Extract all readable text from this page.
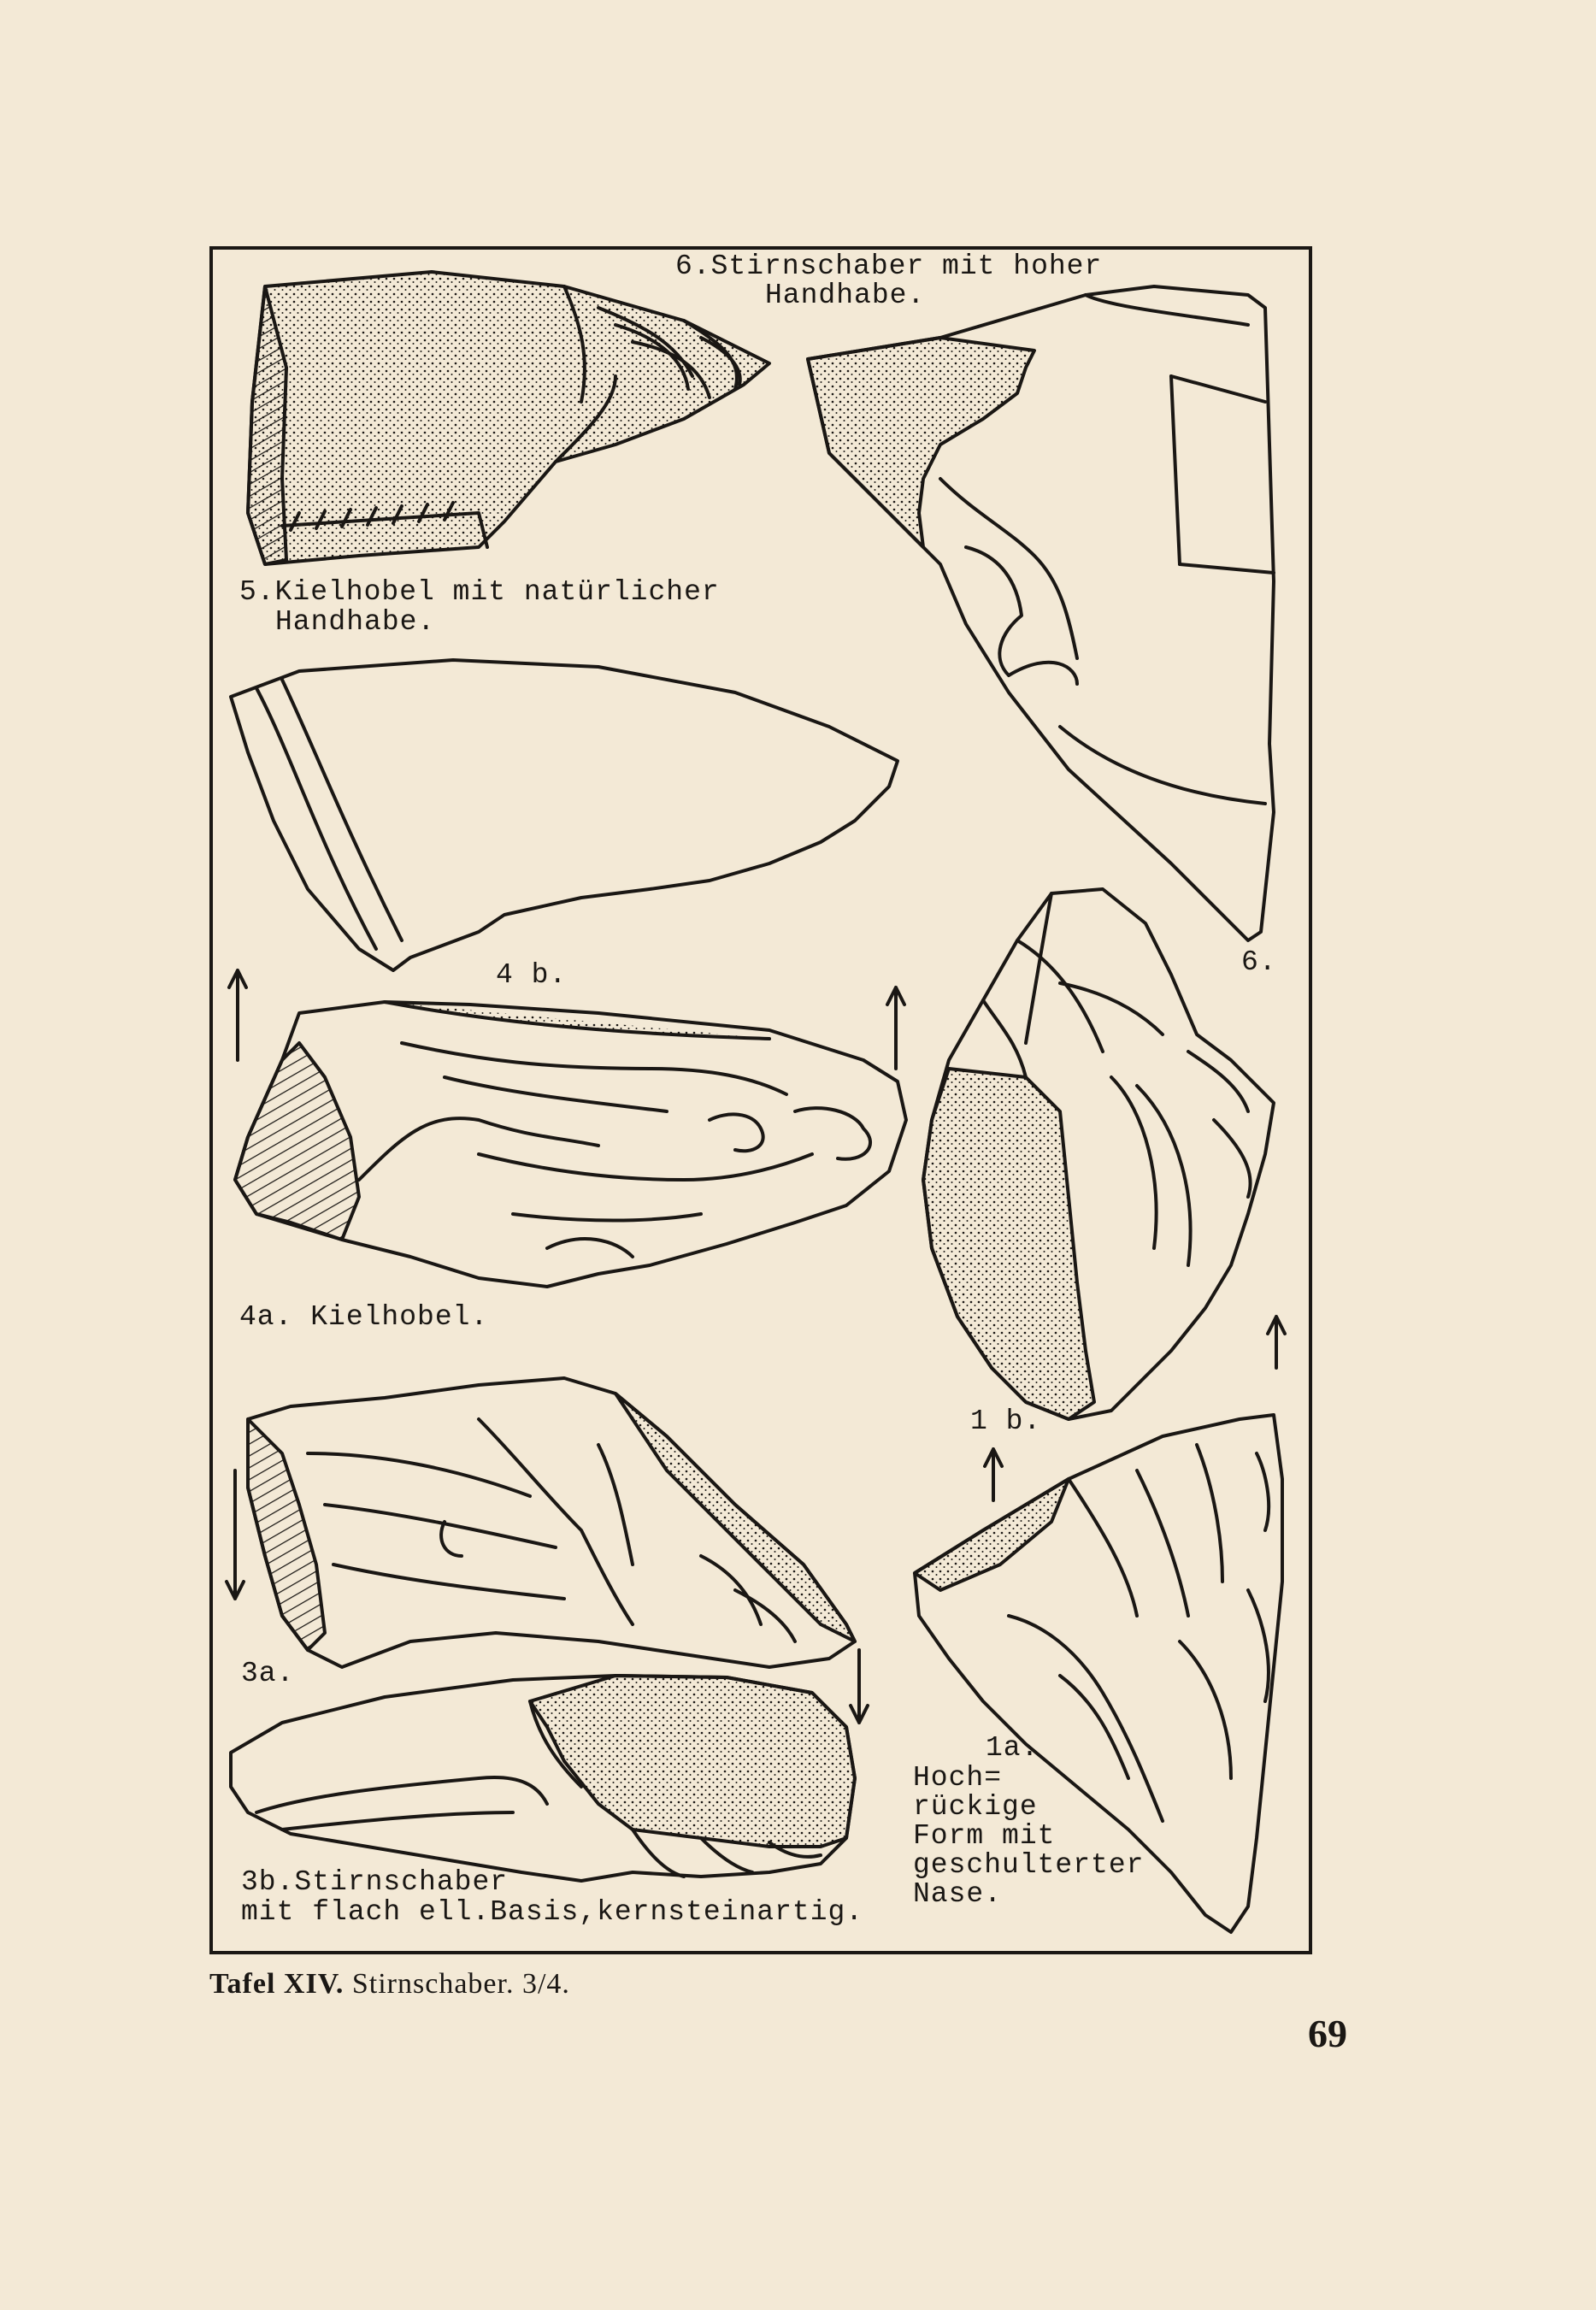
6.Stirnschaber mit hoher
Handhabe.
5.Kielhobel mit natürlicher
Handhabe.
4 b.	6.
4a. Kielhobel.
1 b.
3a.
1a.
Hoch=
rückige
Form mit
geschulterter
Nase.
3b.Stirnschaber
mit flach ell.Basis,kernsteinartig.
Tafel XIV. Stirnschaber. 3/4.
69
